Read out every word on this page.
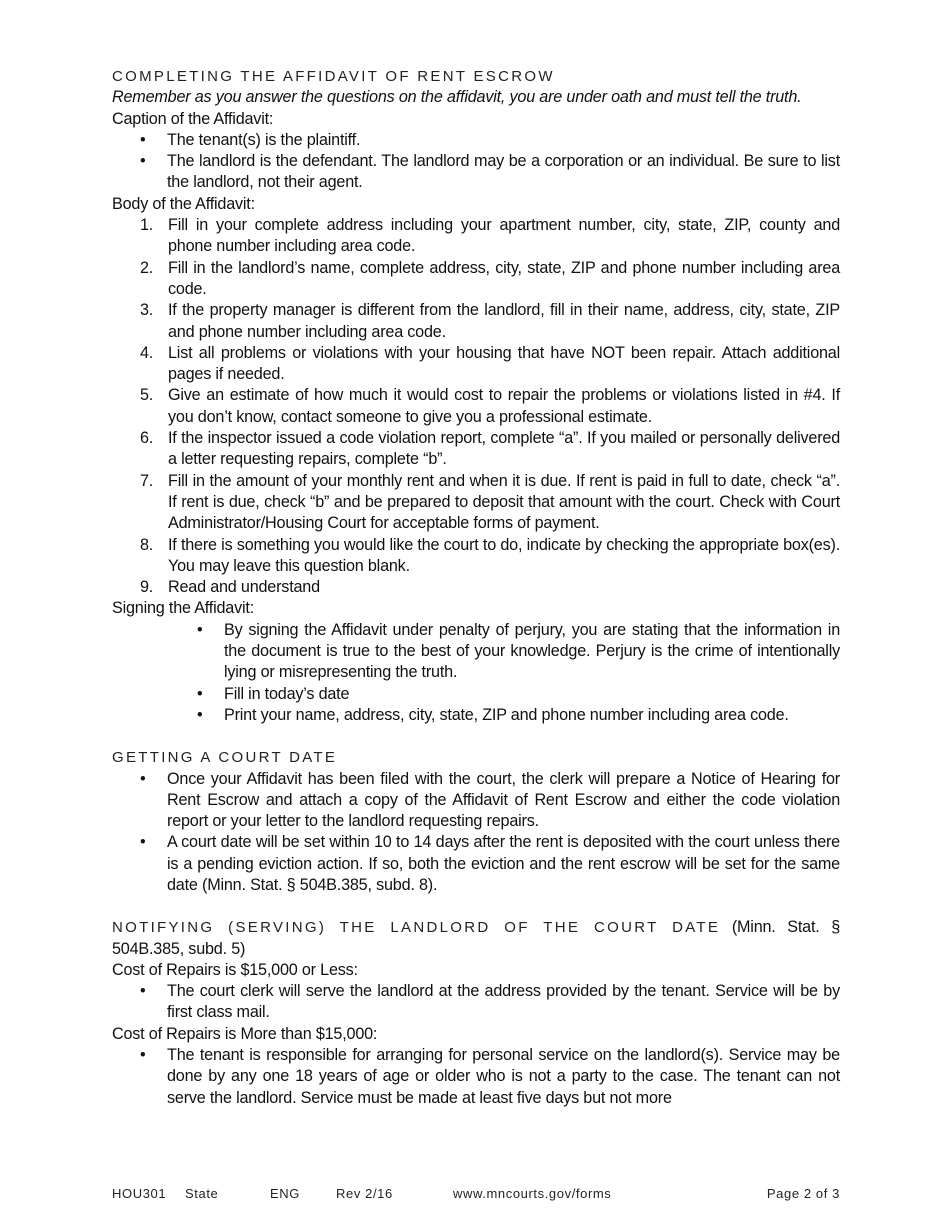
COMPLETING THE AFFIDAVIT OF RENT ESCROW
Remember as you answer the questions on the affidavit, you are under oath and must tell the truth.
Caption of the Affidavit:
• The tenant(s) is the plaintiff.
• The landlord is the defendant. The landlord may be a corporation or an individual. Be sure to list the landlord, not their agent.
Body of the Affidavit:
1. Fill in your complete address including your apartment number, city, state, ZIP, county and phone number including area code.
2. Fill in the landlord’s name, complete address, city, state, ZIP and phone number including area code.
3. If the property manager is different from the landlord, fill in their name, address, city, state, ZIP and phone number including area code.
4. List all problems or violations with your housing that have NOT been repair. Attach additional pages if needed.
5. Give an estimate of how much it would cost to repair the problems or violations listed in #4. If you don’t know, contact someone to give you a professional estimate.
6. If the inspector issued a code violation report, complete “a”. If you mailed or personally delivered a letter requesting repairs, complete “b”.
7. Fill in the amount of your monthly rent and when it is due. If rent is paid in full to date, check “a”. If rent is due, check “b” and be prepared to deposit that amount with the court. Check with Court Administrator/Housing Court for acceptable forms of payment.
8. If there is something you would like the court to do, indicate by checking the appropriate box(es). You may leave this question blank.
9. Read and understand
Signing the Affidavit:
• By signing the Affidavit under penalty of perjury, you are stating that the information in the document is true to the best of your knowledge. Perjury is the crime of intentionally lying or misrepresenting the truth.
• Fill in today’s date
• Print your name, address, city, state, ZIP and phone number including area code.
GETTING A COURT DATE
• Once your Affidavit has been filed with the court, the clerk will prepare a Notice of Hearing for Rent Escrow and attach a copy of the Affidavit of Rent Escrow and either the code violation report or your letter to the landlord requesting repairs.
• A court date will be set within 10 to 14 days after the rent is deposited with the court unless there is a pending eviction action. If so, both the eviction and the rent escrow will be set for the same date (Minn. Stat. § 504B.385, subd. 8).
NOTIFYING (SERVING) THE LANDLORD OF THE COURT DATE (Minn. Stat. § 504B.385, subd. 5)
Cost of Repairs is $15,000 or Less:
• The court clerk will serve the landlord at the address provided by the tenant. Service will be by first class mail.
Cost of Repairs is More than $15,000:
• The tenant is responsible for arranging for personal service on the landlord(s). Service may be done by any one 18 years of age or older who is not a party to the case. The tenant can not serve the landlord. Service must be made at least five days but not more
HOU301 State	ENG	Rev 2/16	www.mncourts.gov/forms	Page 2 of 3
